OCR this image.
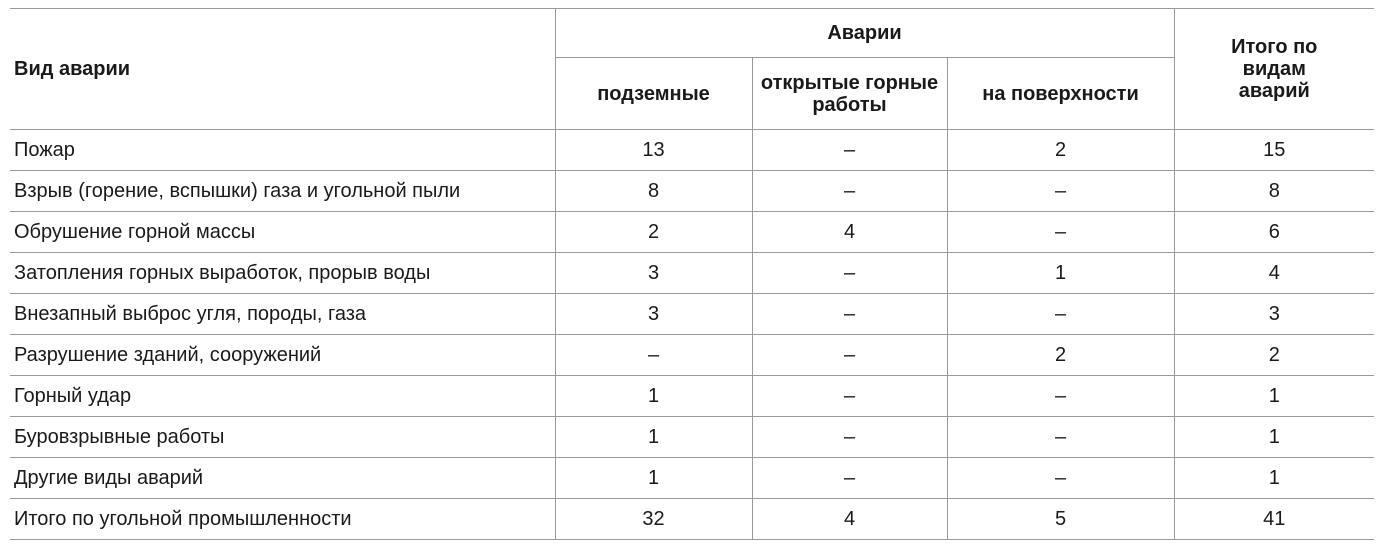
Вид аварии	Аварии			Итого по видам аварий
	подземные	открытые горные работы	на поверхности	
Пожар	13	–	2	15
Взрыв (горение, вспышки) газа и угольной пыли	8	–	–	8
Обрушение горной массы	2	4	–	6
Затопления горных выработок, прорыв воды	3	–	1	4
Внезапный выброс угля, породы, газа	3	–	–	3
Разрушение зданий, сооружений	–	–	2	2
Горный удар	1	–	–	1
Буровзрывные работы	1	–	–	1
Другие виды аварий	1	–	–	1
Итого по угольной промышленности	32	4	5	41
